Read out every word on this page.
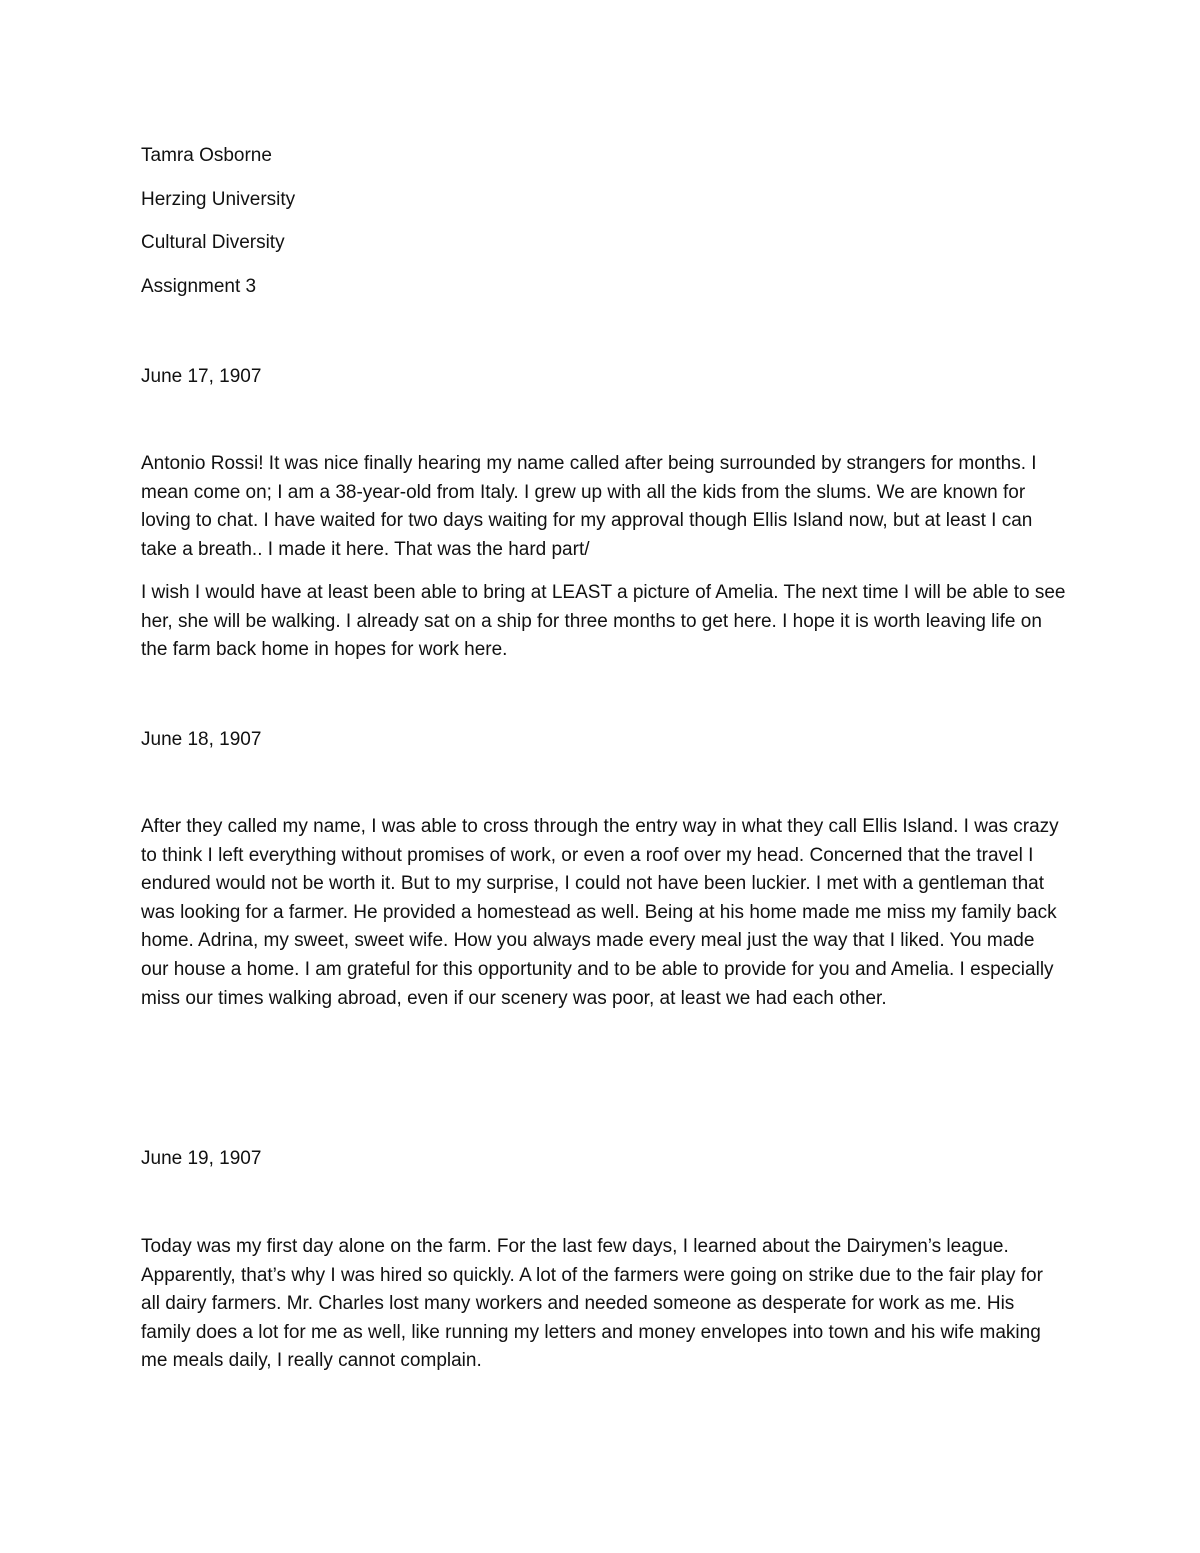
Tamra Osborne
Herzing University
Cultural Diversity
Assignment 3
June 17, 1907

Antonio Rossi! It was nice finally hearing my name called after being surrounded by strangers for months. I mean come on; I am a 38-year-old from Italy. I grew up with all the kids from the slums. We are known for loving to chat. I have waited for two days waiting for my approval though Ellis Island now, but at least I can take a breath.. I made it here. That was the hard part/

I wish I would have at least been able to bring at LEAST a picture of Amelia. The next time I will be able to see her, she will be walking. I already sat on a ship for three months to get here. I hope it is worth leaving life on the farm back home in hopes for work here.

June 18, 1907

After they called my name, I was able to cross through the entry way in what they call Ellis Island. I was crazy to think I left everything without promises of work, or even a roof over my head. Concerned that the travel I endured would not be worth it. But to my surprise, I could not have been luckier. I met with a gentleman that was looking for a farmer. He provided a homestead as well. Being at his home made me miss my family back home. Adrina, my sweet, sweet wife. How you always made every meal just the way that I liked. You made our house a home. I am grateful for this opportunity and to be able to provide for you and Amelia. I especially miss our times walking abroad, even if our scenery was poor, at least we had each other.

June 19, 1907

Today was my first day alone on the farm. For the last few days, I learned about the Dairymen’s league. Apparently, that’s why I was hired so quickly. A lot of the farmers were going on strike due to the fair play for all dairy farmers. Mr. Charles lost many workers and needed someone as desperate for work as me. His family does a lot for me as well, like running my letters and money envelopes into town and his wife making me meals daily, I really cannot complain.
